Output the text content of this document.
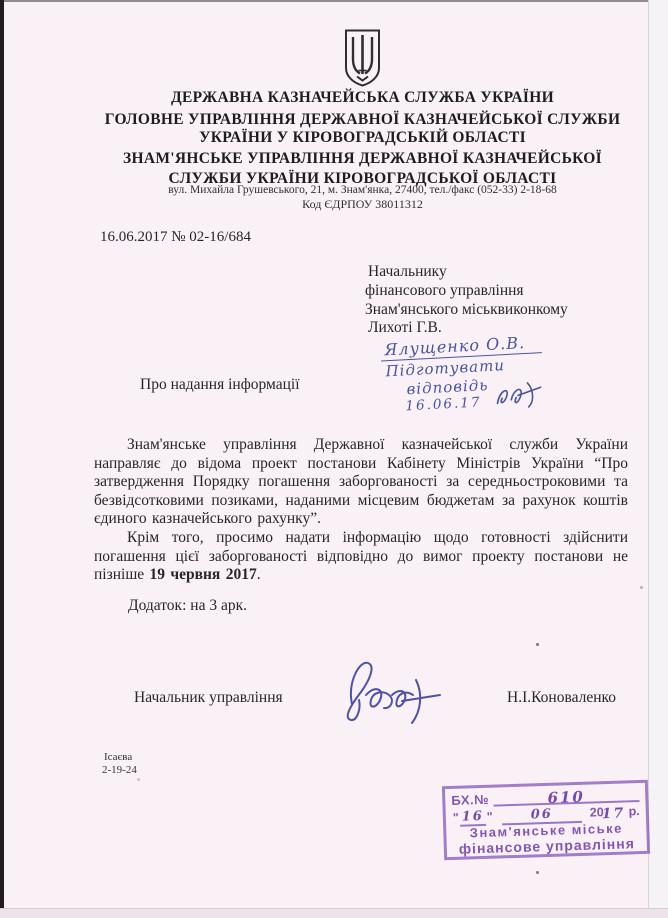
ДЕРЖАВНА КАЗНАЧЕЙСЬКА СЛУЖБА УКРАЇНИ
ГОЛОВНЕ УПРАВЛІННЯ ДЕРЖАВНОЇ КАЗНАЧЕЙСЬКОЇ СЛУЖБИ
УКРАЇНИ У КІРОВОГРАДСЬКІЙ ОБЛАСТІ
ЗНАМ'ЯНСЬКЕ УПРАВЛІННЯ ДЕРЖАВНОЇ КАЗНАЧЕЙСЬКОЇ
СЛУЖБИ УКРАЇНИ КІРОВОГРАДСЬКОЇ ОБЛАСТІ
вул. Михайла Грушевського, 21, м. Знам'янка, 27400, тел./факс (052-33) 2-18-68
Код ЄДРПОУ 38011312
16.06.2017 № 02-16/684
Начальнику
фінансового управління
Знам'янського міськвиконкому
Лихоті Г.В.
Ялущенко О.В.
Підготувати
відповідь
16.06.17
Про надання інформації

Знам'янське управління Державної казначейської служби України направляє до відома проект постанови Кабінету Міністрів України “Про затвердження Порядку погашення заборгованості за середньостроковими та безвідсотковими позиками, наданими місцевим бюджетам за рахунок коштів єдиного казначейського рахунку”.

Крім того, просимо надати інформацію щодо готовності здійснити погашення цієї заборгованості відповідно до вимог проекту постанови не пізніше 19 червня 2017.

Додаток: на 3 арк.
Начальник управління	Н.І.Коноваленко
Ісаєва
2-19-24
БХ.№	610
" 16 "	06	2017 р.
Знам'янське міське
фінансове управління
